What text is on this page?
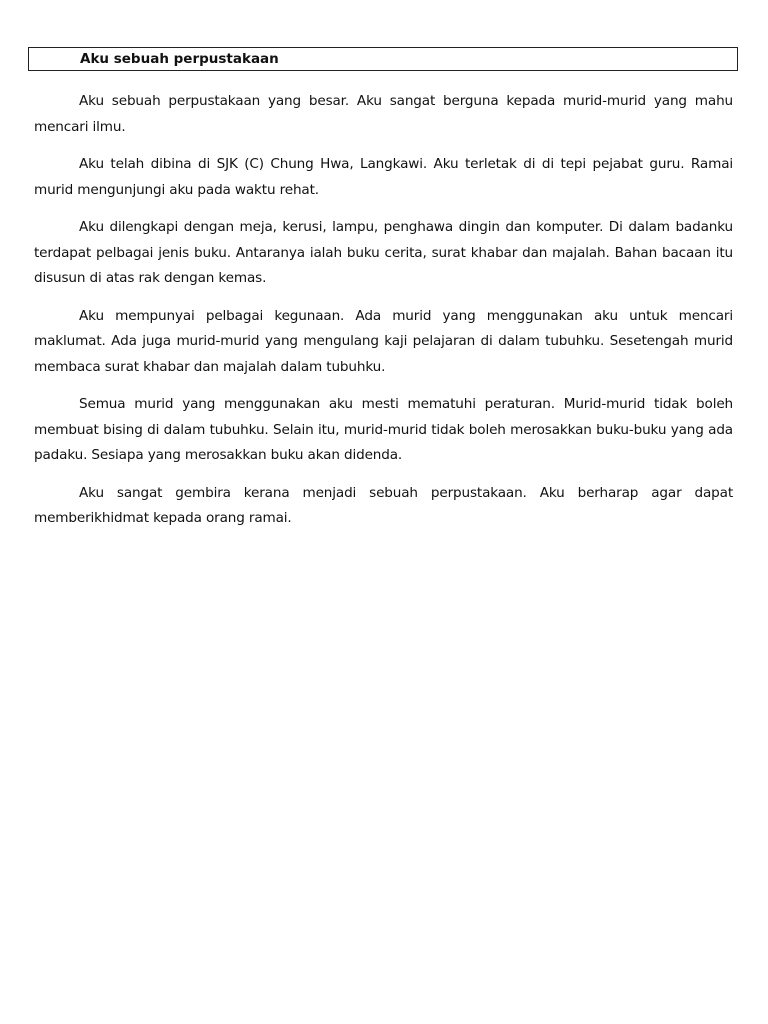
Aku sebuah perpustakaan

Aku sebuah perpustakaan yang besar. Aku sangat berguna kepada murid-murid yang mahu mencari ilmu.

Aku telah dibina di SJK (C) Chung Hwa, Langkawi. Aku terletak di di tepi pejabat guru. Ramai murid mengunjungi aku pada waktu rehat.

Aku dilengkapi dengan meja, kerusi, lampu, penghawa dingin dan komputer. Di dalam badanku terdapat pelbagai jenis buku. Antaranya ialah buku cerita, surat khabar dan majalah. Bahan bacaan itu disusun di atas rak dengan kemas.

Aku mempunyai pelbagai kegunaan. Ada murid yang menggunakan aku untuk mencari maklumat. Ada juga murid-murid yang mengulang kaji pelajaran di dalam tubuhku. Sesetengah murid membaca surat khabar dan majalah dalam tubuhku.

Semua murid yang menggunakan aku mesti mematuhi peraturan. Murid-murid tidak boleh membuat bising di dalam tubuhku. Selain itu, murid-murid tidak boleh merosakkan buku-buku yang ada padaku. Sesiapa yang merosakkan buku akan didenda.

Aku sangat gembira kerana menjadi sebuah perpustakaan. Aku berharap agar dapat memberikhidmat kepada orang ramai.
